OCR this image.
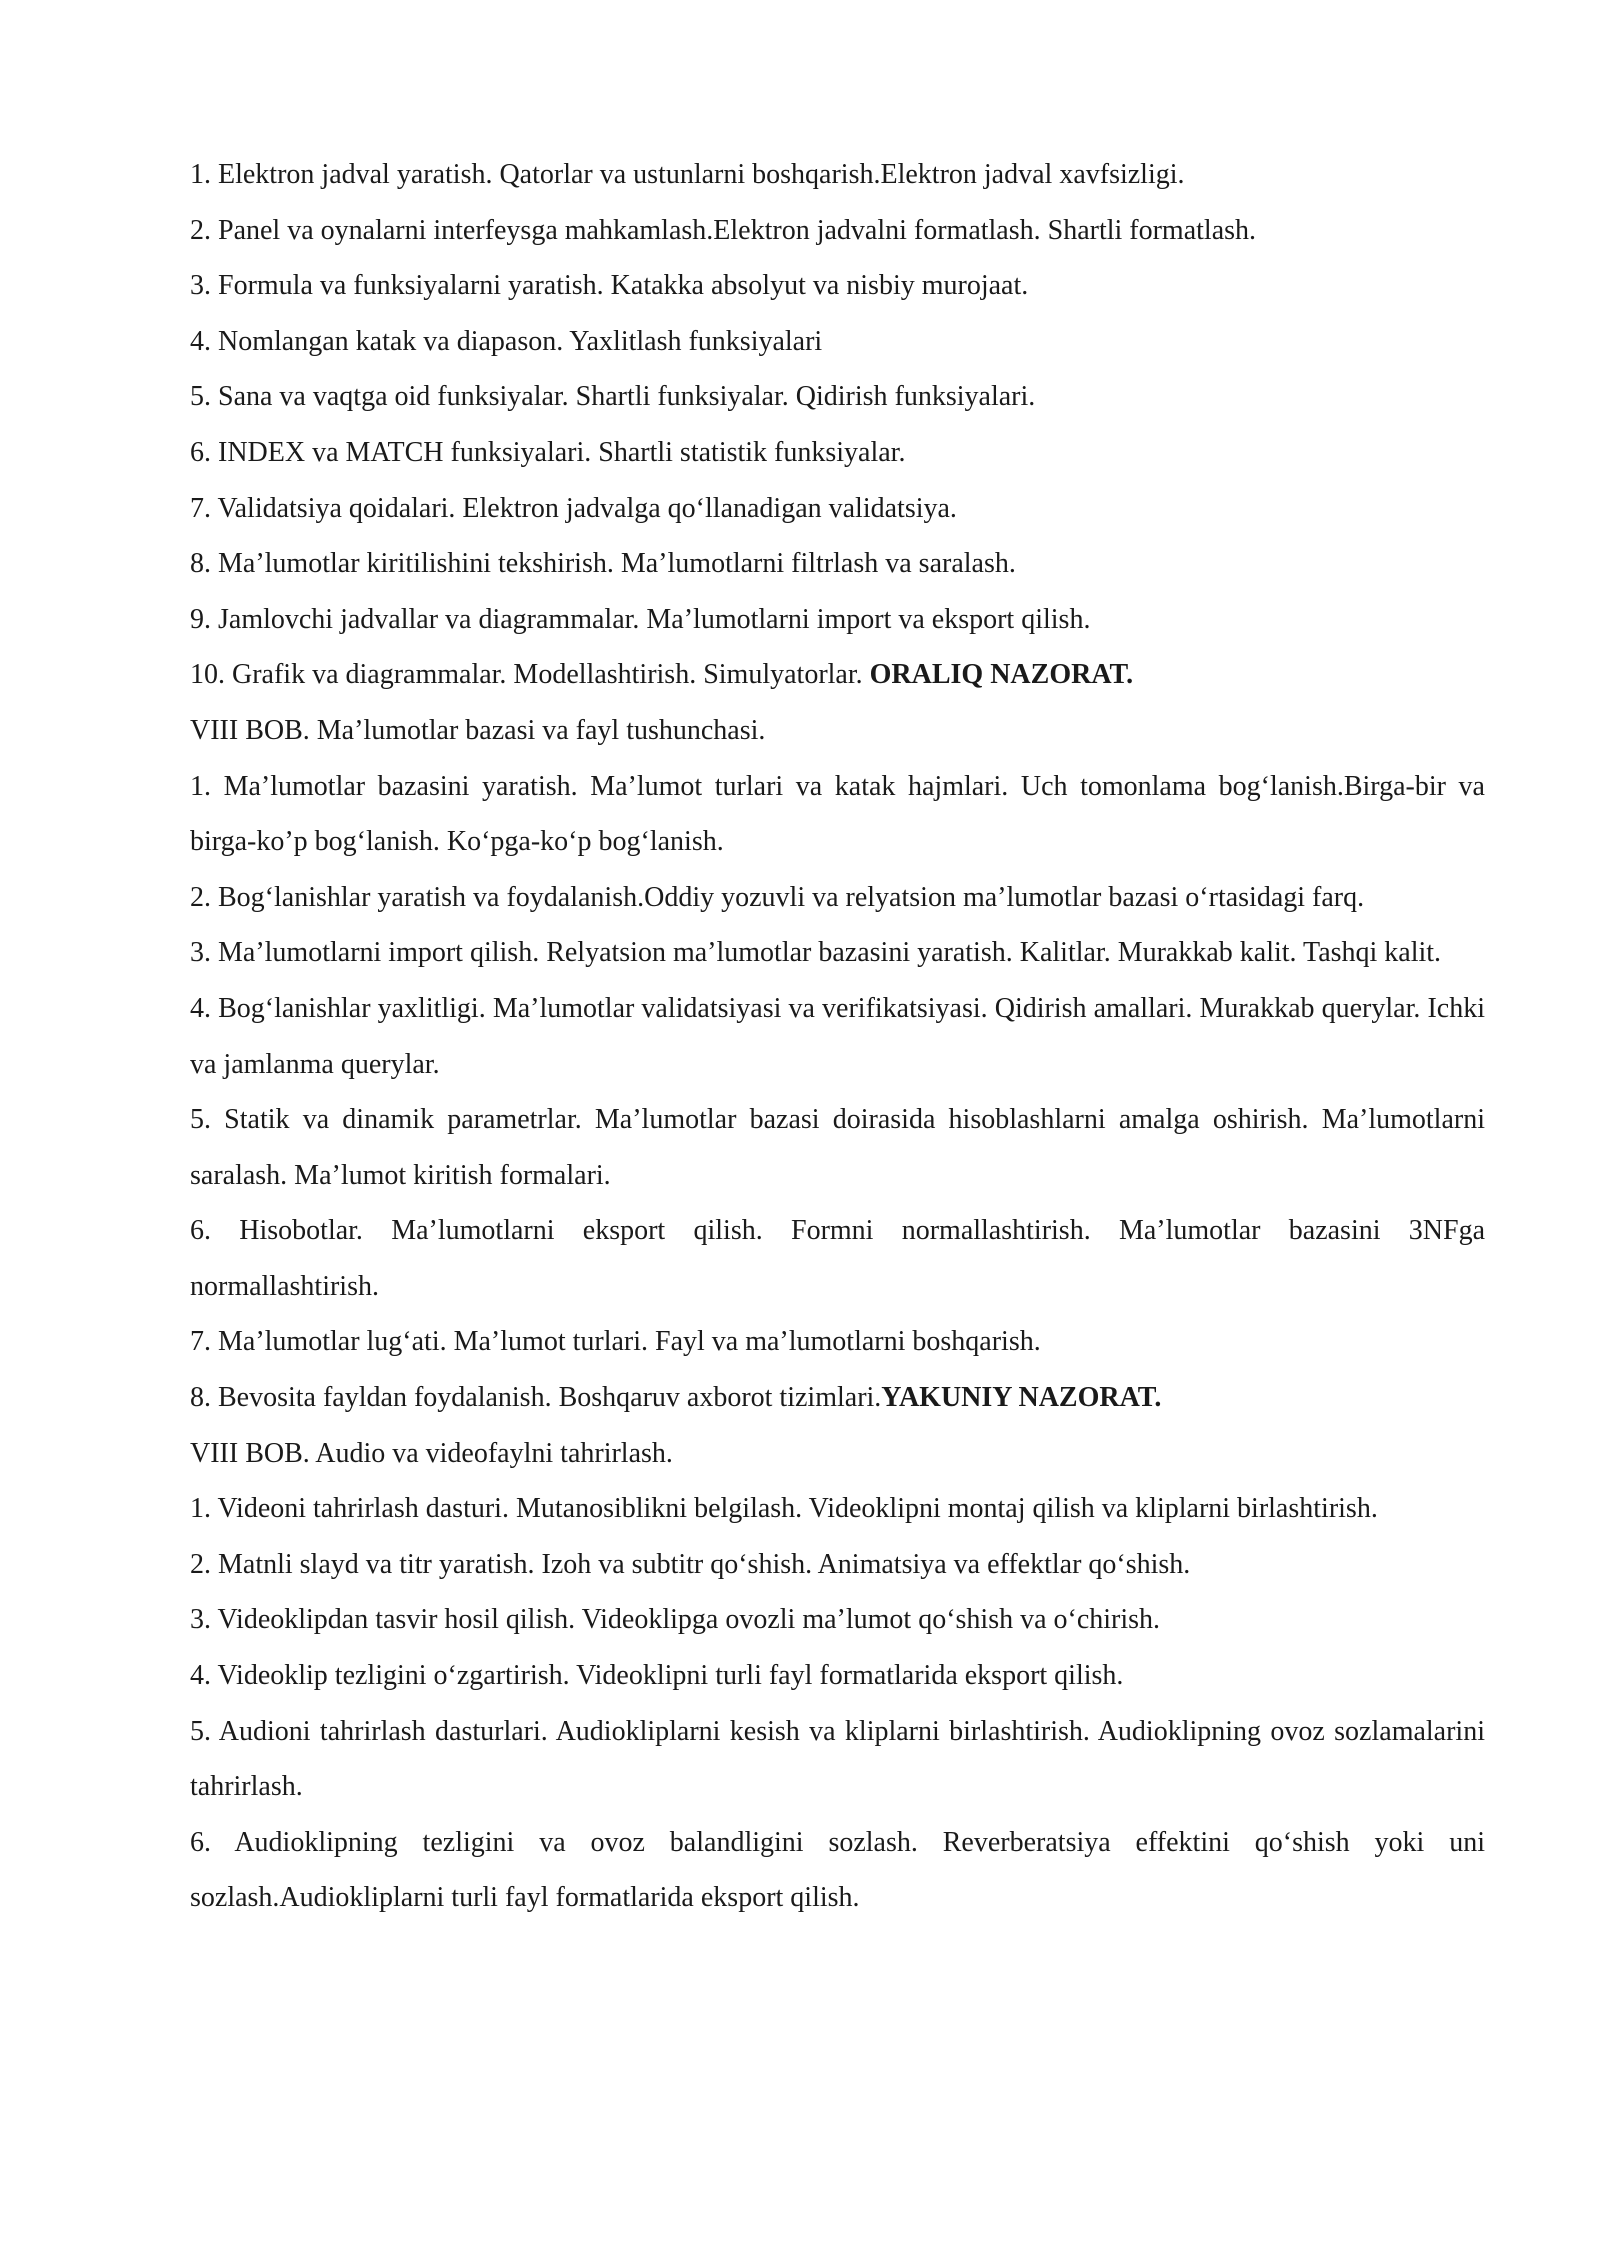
1. Elektron jadval yaratish. Qatorlar va ustunlarni boshqarish.Elektron jadval xavfsizligi.

2. Panel va oynalarni interfeysga mahkamlash.Elektron jadvalni formatlash. Shartli formatlash.

3. Formula va funksiyalarni yaratish. Katakka absolyut va nisbiy murojaat.

4. Nomlangan katak va diapason. Yaxlitlash funksiyalari

5. Sana va vaqtga oid funksiyalar. Shartli funksiyalar. Qidirish funksiyalari.

6. INDEX va MATCH funksiyalari. Shartli statistik funksiyalar.

7. Validatsiya qoidalari. Elektron jadvalga qo‘llanadigan validatsiya.

8. Ma’lumotlar kiritilishini tekshirish. Ma’lumotlarni filtrlash va saralash.

9. Jamlovchi jadvallar va diagrammalar. Ma’lumotlarni import va eksport qilish.

10. Grafik va diagrammalar. Modellashtirish. Simulyatorlar. ORALIQ NAZORAT.

VIII BOB. Ma’lumotlar bazasi va fayl tushunchasi.

1. Ma’lumotlar bazasini yaratish. Ma’lumot turlari va katak hajmlari. Uch tomonlama bog‘lanish.Birga-bir va birga-ko’p bog‘lanish. Ko‘pga-ko‘p bog‘lanish.

2. Bog‘lanishlar yaratish va foydalanish.Oddiy yozuvli va relyatsion ma’lumotlar bazasi o‘rtasidagi farq.

3. Ma’lumotlarni import qilish. Relyatsion ma’lumotlar bazasini yaratish. Kalitlar. Murakkab kalit. Tashqi kalit.

4. Bog‘lanishlar yaxlitligi. Ma’lumotlar validatsiyasi va verifikatsiyasi. Qidirish amallari. Murakkab querylar. Ichki va jamlanma querylar.

5. Statik va dinamik parametrlar. Ma’lumotlar bazasi doirasida hisoblashlarni amalga oshirish. Ma’lumotlarni saralash. Ma’lumot kiritish formalari.

6. Hisobotlar. Ma’lumotlarni eksport qilish. Formni normallashtirish. Ma’lumotlar bazasini 3NFga normallashtirish.

7. Ma’lumotlar lug‘ati. Ma’lumot turlari. Fayl va ma’lumotlarni boshqarish.

8. Bevosita fayldan foydalanish. Boshqaruv axborot tizimlari.YAKUNIY NAZORAT.

VIII BOB. Audio va videofaylni tahrirlash.

1. Videoni tahrirlash dasturi. Mutanosiblikni belgilash. Videoklipni montaj qilish va kliplarni birlashtirish.

2. Matnli slayd va titr yaratish. Izoh va subtitr qo‘shish. Animatsiya va effektlar qo‘shish.

3. Videoklipdan tasvir hosil qilish. Videoklipga ovozli ma’lumot qo‘shish va o‘chirish.

4. Videoklip tezligini o‘zgartirish. Videoklipni turli fayl formatlarida eksport qilish.

5. Audioni tahrirlash dasturlari. Audiokliplarni kesish va kliplarni birlashtirish. Audioklipning ovoz sozlamalarini tahrirlash.

6. Audioklipning tezligini va ovoz balandligini sozlash. Reverberatsiya effektini qo‘shish yoki uni sozlash.Audiokliplarni turli fayl formatlarida eksport qilish.
